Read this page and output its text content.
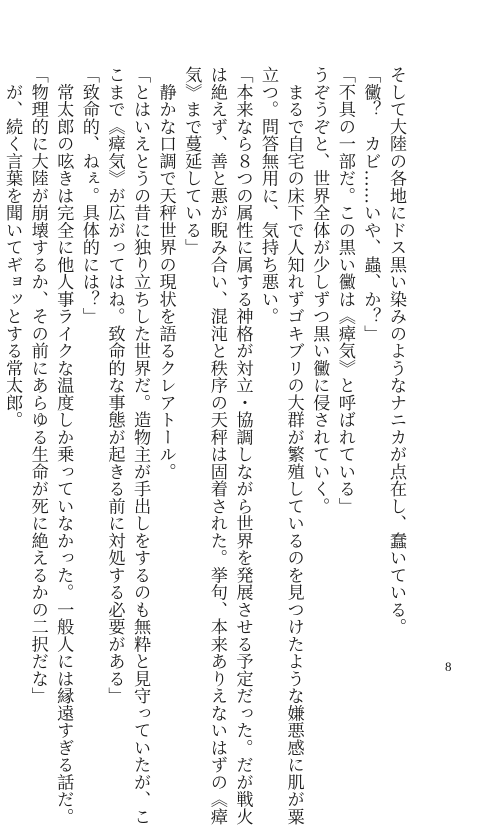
そして大陸の各地にドス黒い染みのようなナニカが点在し、蠢いている。
「黴？　カビ……いや、蟲、か？」
「不具の一部だ。この黒い黴は《瘴気》と呼ばれている」
うぞうぞと、世界全体が少しずつ黒い黴に侵されていく。
　まるで自宅の床下で人知れずゴキブリの大群が繁殖しているのを見つけたような嫌悪感に肌が粟
立つ。問答無用に、気持ち悪い。
「本来なら８つの属性に属する神格が対立・協調しながら世界を発展させる予定だった。だが戦火
は絶えず、善と悪が睨み合い、混沌と秩序の天秤は固着された。挙句、本来ありえないはずの《瘴
気》まで蔓延している」
　静かな口調で天秤世界の現状を語るクレアトール。
「とはいえとうの昔に独り立ちした世界だ。造物主が手出しをするのも無粋と見守っていたが、こ
こまで《瘴気》が広がってはね。致命的な事態が起きる前に対処する必要がある」
「致命的、ねぇ。具体的には？」
　常太郎の呟きは完全に他人事ライクな温度しか乗っていなかった。一般人には縁遠すぎる話だ。
「物理的に大陸が崩壊するか、その前にあらゆる生命が死に絶えるかの二択だな」
　が、続く言葉を聞いてギョッとする常太郎。
8
